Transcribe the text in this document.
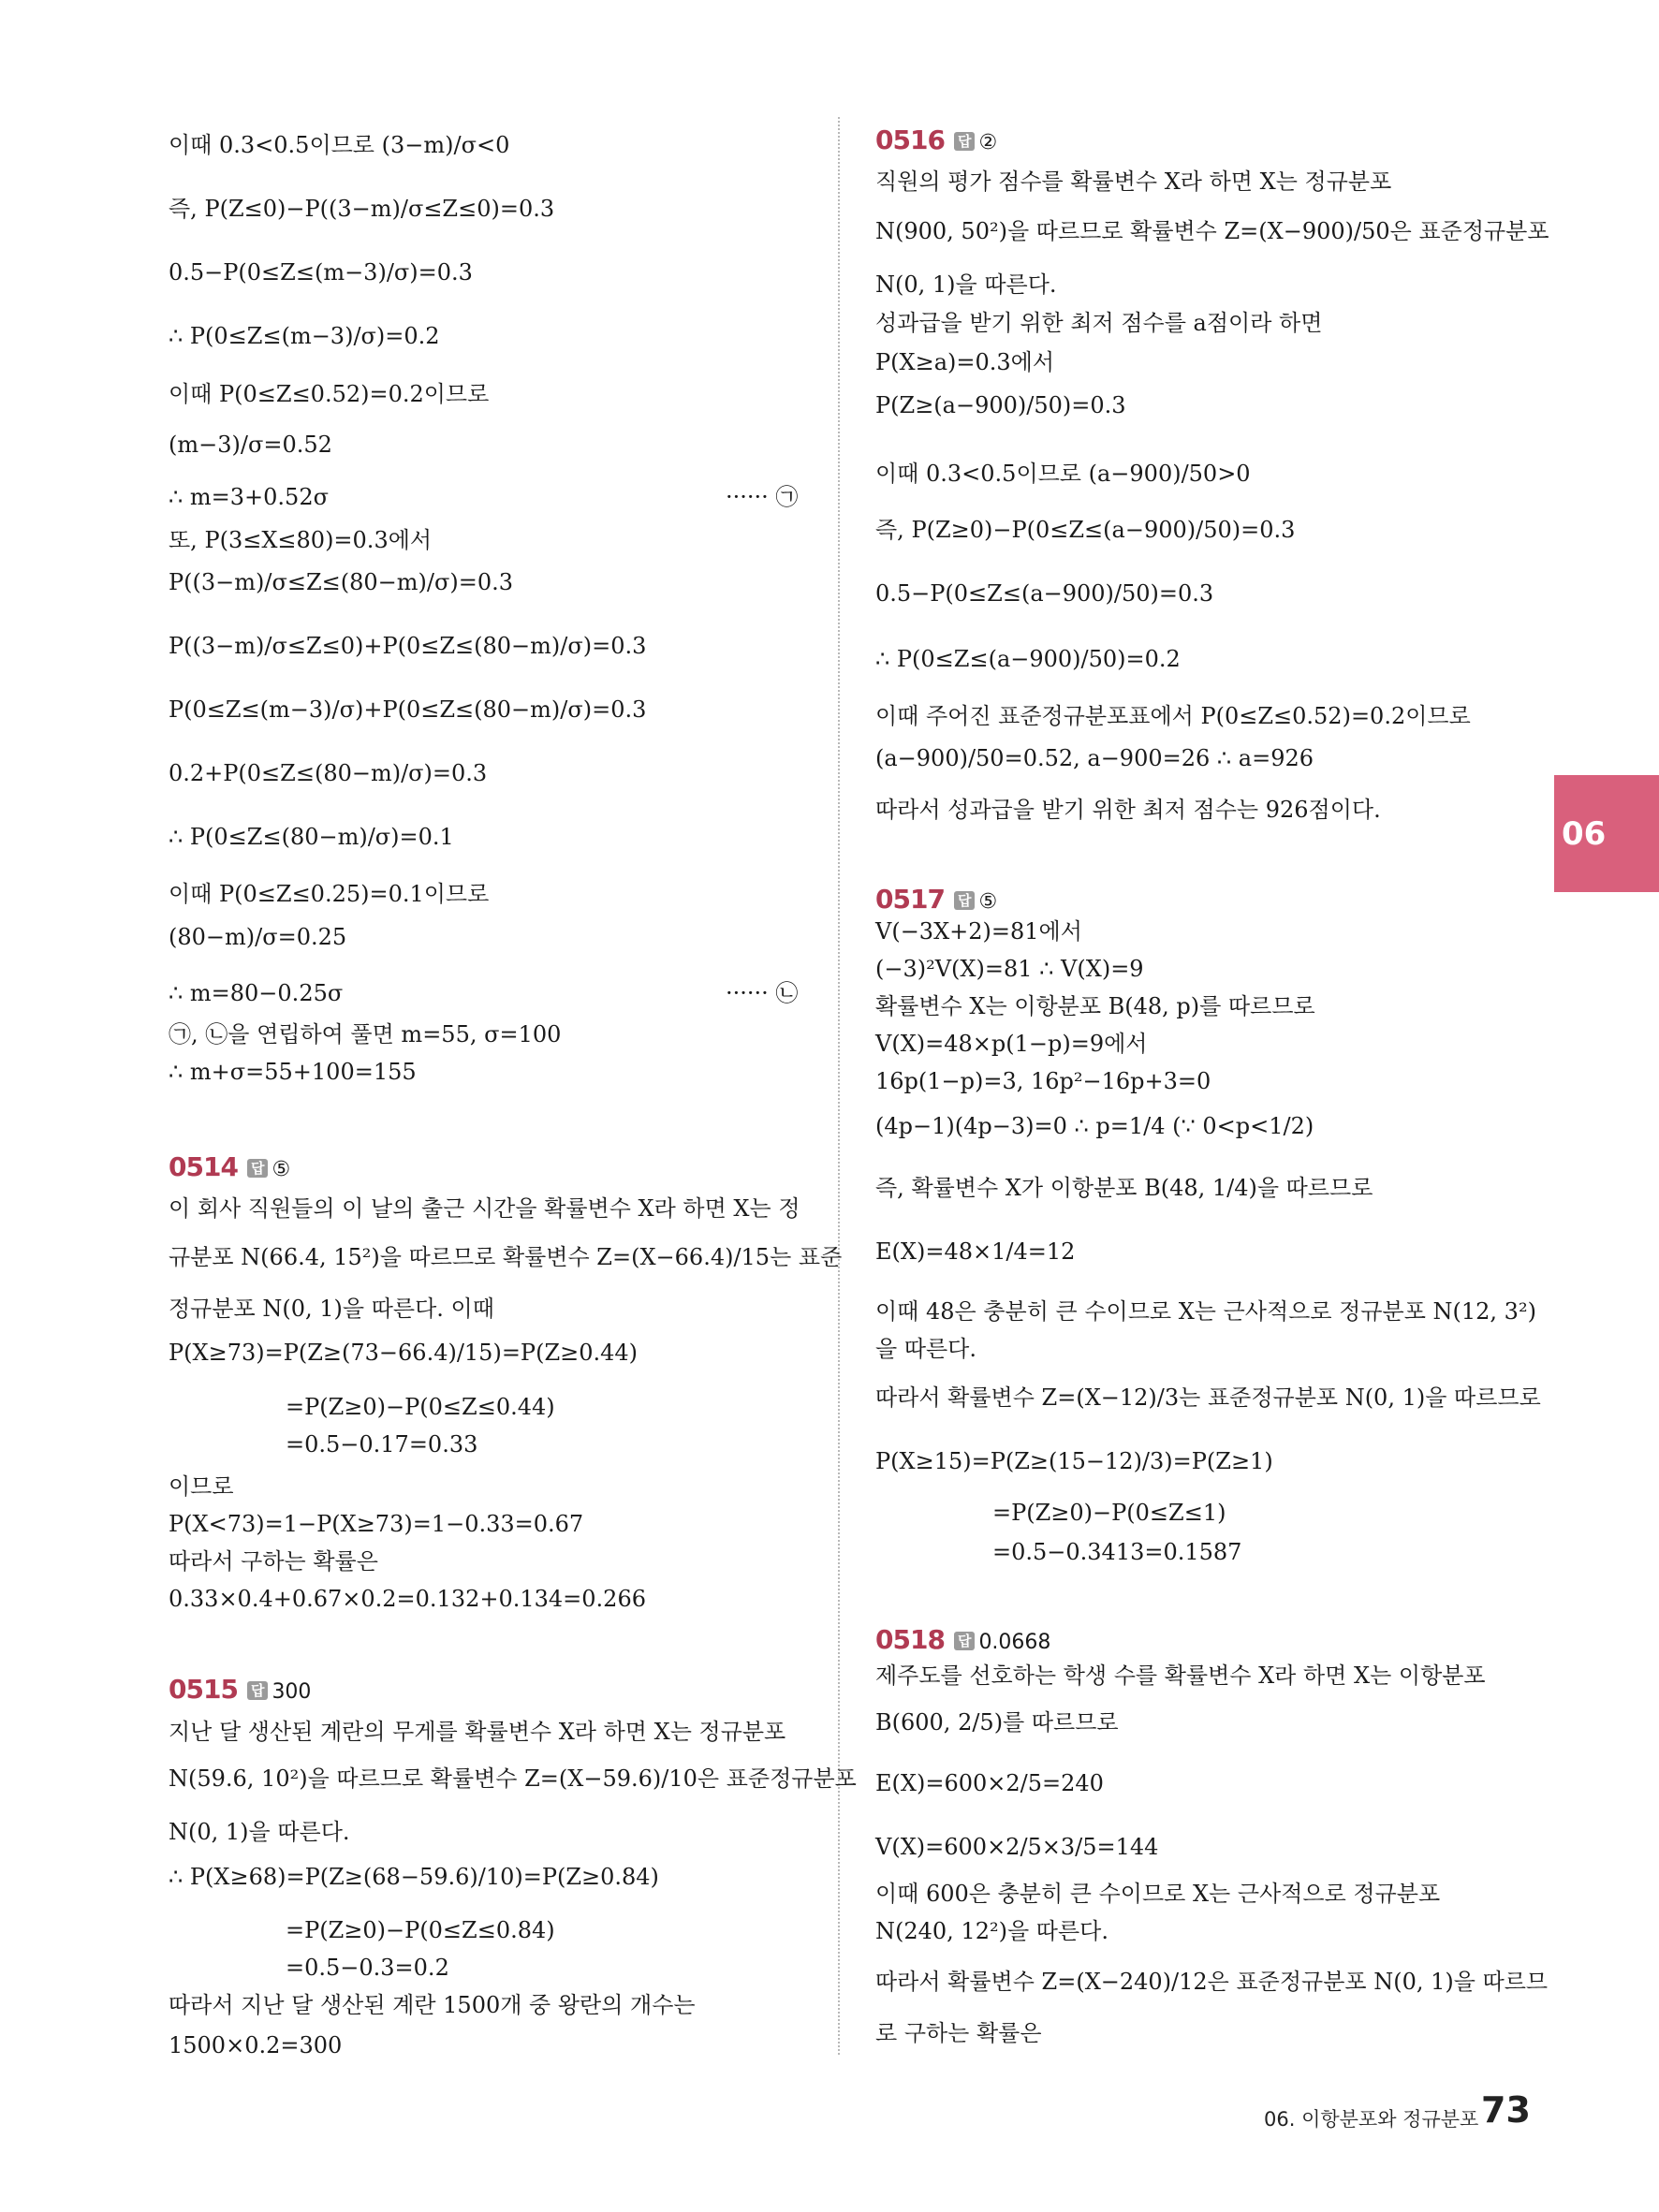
이때 0.3<0.5이므로 (3−m)/σ<0
즉, P(Z≤0)−P((3−m)/σ≤Z≤0)=0.3
0.5−P(0≤Z≤(m−3)/σ)=0.3
∴ P(0≤Z≤(m−3)/σ)=0.2
이때 P(0≤Z≤0.52)=0.2이므로
(m−3)/σ=0.52
∴ m=3+0.52σ	······ ㉠
또, P(3≤X≤80)=0.3에서
P((3−m)/σ≤Z≤(80−m)/σ)=0.3
P((3−m)/σ≤Z≤0)+P(0≤Z≤(80−m)/σ)=0.3
P(0≤Z≤(m−3)/σ)+P(0≤Z≤(80−m)/σ)=0.3
0.2+P(0≤Z≤(80−m)/σ)=0.3
∴ P(0≤Z≤(80−m)/σ)=0.1
이때 P(0≤Z≤0.25)=0.1이므로
(80−m)/σ=0.25
∴ m=80−0.25σ	······ ㉡
㉠, ㉡을 연립하여 풀면 m=55, σ=100
∴ m+σ=55+100=155
0514 답 ⑤
이 회사 직원들의 이 날의 출근 시간을 확률변수 X라 하면 X는 정
규분포 N(66.4, 15²)을 따르므로 확률변수 Z=(X−66.4)/15는 표준
정규분포 N(0, 1)을 따른다. 이때
P(X≥73)=P(Z≥(73−66.4)/15)=P(Z≥0.44)
=P(Z≥0)−P(0≤Z≤0.44)
=0.5−0.17=0.33
이므로
P(X<73)=1−P(X≥73)=1−0.33=0.67
따라서 구하는 확률은
0.33×0.4+0.67×0.2=0.132+0.134=0.266
0515 답 300
지난 달 생산된 계란의 무게를 확률변수 X라 하면 X는 정규분포
N(59.6, 10²)을 따르므로 확률변수 Z=(X−59.6)/10은 표준정규분포
N(0, 1)을 따른다.
∴ P(X≥68)=P(Z≥(68−59.6)/10)=P(Z≥0.84)
=P(Z≥0)−P(0≤Z≤0.84)
=0.5−0.3=0.2
따라서 지난 달 생산된 계란 1500개 중 왕란의 개수는
1500×0.2=300
0516 답 ②
직원의 평가 점수를 확률변수 X라 하면 X는 정규분포
N(900, 50²)을 따르므로 확률변수 Z=(X−900)/50은 표준정규분포
N(0, 1)을 따른다.
성과급을 받기 위한 최저 점수를 a점이라 하면
P(X≥a)=0.3에서
P(Z≥(a−900)/50)=0.3
이때 0.3<0.5이므로 (a−900)/50>0
즉, P(Z≥0)−P(0≤Z≤(a−900)/50)=0.3
0.5−P(0≤Z≤(a−900)/50)=0.3
∴ P(0≤Z≤(a−900)/50)=0.2
이때 주어진 표준정규분포표에서 P(0≤Z≤0.52)=0.2이므로
(a−900)/50=0.52, a−900=26 ∴ a=926
따라서 성과급을 받기 위한 최저 점수는 926점이다.
0517 답 ⑤
V(−3X+2)=81에서
(−3)²V(X)=81 ∴ V(X)=9
확률변수 X는 이항분포 B(48, p)를 따르므로
V(X)=48×p(1−p)=9에서
16p(1−p)=3, 16p²−16p+3=0
(4p−1)(4p−3)=0 ∴ p=1/4 (∵ 0<p<1/2)
즉, 확률변수 X가 이항분포 B(48, 1/4)을 따르므로
E(X)=48×1/4=12
이때 48은 충분히 큰 수이므로 X는 근사적으로 정규분포 N(12, 3²)
을 따른다.
따라서 확률변수 Z=(X−12)/3는 표준정규분포 N(0, 1)을 따르므로
P(X≥15)=P(Z≥(15−12)/3)=P(Z≥1)
=P(Z≥0)−P(0≤Z≤1)
=0.5−0.3413=0.1587
0518 답 0.0668
제주도를 선호하는 학생 수를 확률변수 X라 하면 X는 이항분포
B(600, 2/5)를 따르므로
E(X)=600×2/5=240
V(X)=600×2/5×3/5=144
이때 600은 충분히 큰 수이므로 X는 근사적으로 정규분포
N(240, 12²)을 따른다.
따라서 확률변수 Z=(X−240)/12은 표준정규분포 N(0, 1)을 따르므
로 구하는 확률은
06
06. 이항분포와 정규분포 73
